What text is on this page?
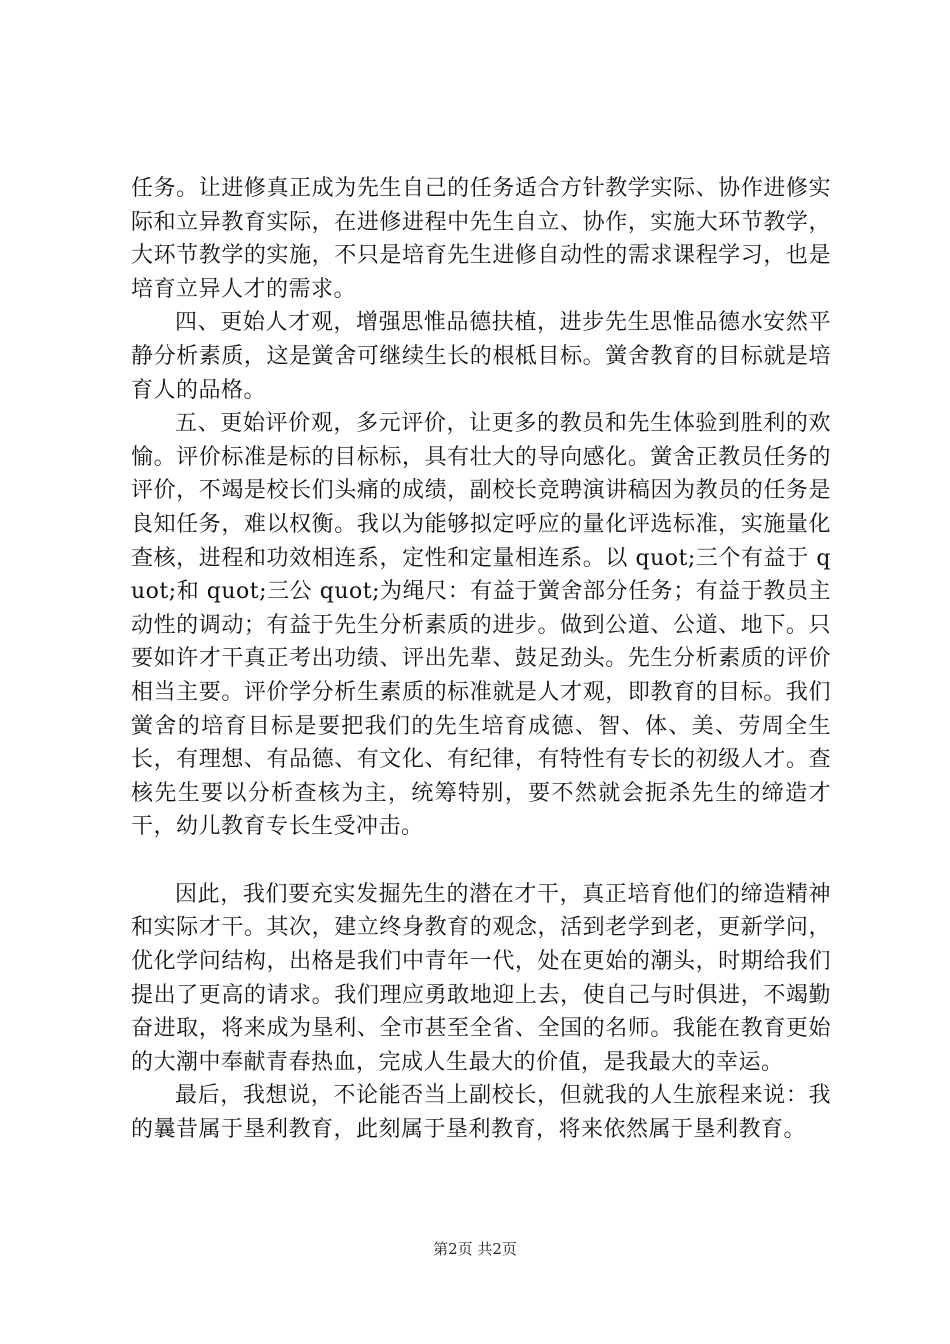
任务。让进修真正成为先生自己的任务适合方针教学实际、协作进修实际和立异教育实际，在进修进程中先生自立、协作，实施大环节教学，大环节教学的实施，不只是培育先生进修自动性的需求课程学习，也是培育立异人才的需求。

四、更始人才观，增强思惟品德扶植，进步先生思惟品德水安然平静分析素质，这是黉舍可继续生长的根柢目标。黉舍教育的目标就是培育人的品格。

五、更始评价观，多元评价，让更多的教员和先生体验到胜利的欢愉。评价标准是标的目标标，具有壮大的导向感化。黉舍正教员任务的评价，不竭是校长们头痛的成绩，副校长竞聘演讲稿因为教员的任务是良知任务，难以权衡。我以为能够拟定呼应的量化评选标准，实施量化查核，进程和功效相连系，定性和定量相连系。以 quot;三个有益于 quot;和 quot;三公 quot;为绳尺：有益于黉舍部分任务；有益于教员主动性的调动；有益于先生分析素质的进步。做到公道、公道、地下。只要如许才干真正考出功绩、评出先辈、鼓足劲头。先生分析素质的评价相当主要。评价学分析生素质的标准就是人才观，即教育的目标。我们黉舍的培育目标是要把我们的先生培育成德、智、体、美、劳周全生长，有理想、有品德、有文化、有纪律，有特性有专长的初级人才。查核先生要以分析查核为主，统筹特别，要不然就会扼杀先生的缔造才干，幼儿教育专长生受冲击。

因此，我们要充实发掘先生的潜在才干，真正培育他们的缔造精神和实际才干。其次，建立终身教育的观念，活到老学到老，更新学问，优化学问结构，出格是我们中青年一代，处在更始的潮头，时期给我们提出了更高的请求。我们理应勇敢地迎上去，使自己与时俱进，不竭勤奋进取，将来成为垦利、全市甚至全省、全国的名师。我能在教育更始的大潮中奉献青春热血，完成人生最大的价值，是我最大的幸运。

最后，我想说，不论能否当上副校长，但就我的人生旅程来说：我的曩昔属于垦利教育，此刻属于垦利教育，将来依然属于垦利教育。

第2页 共2页
